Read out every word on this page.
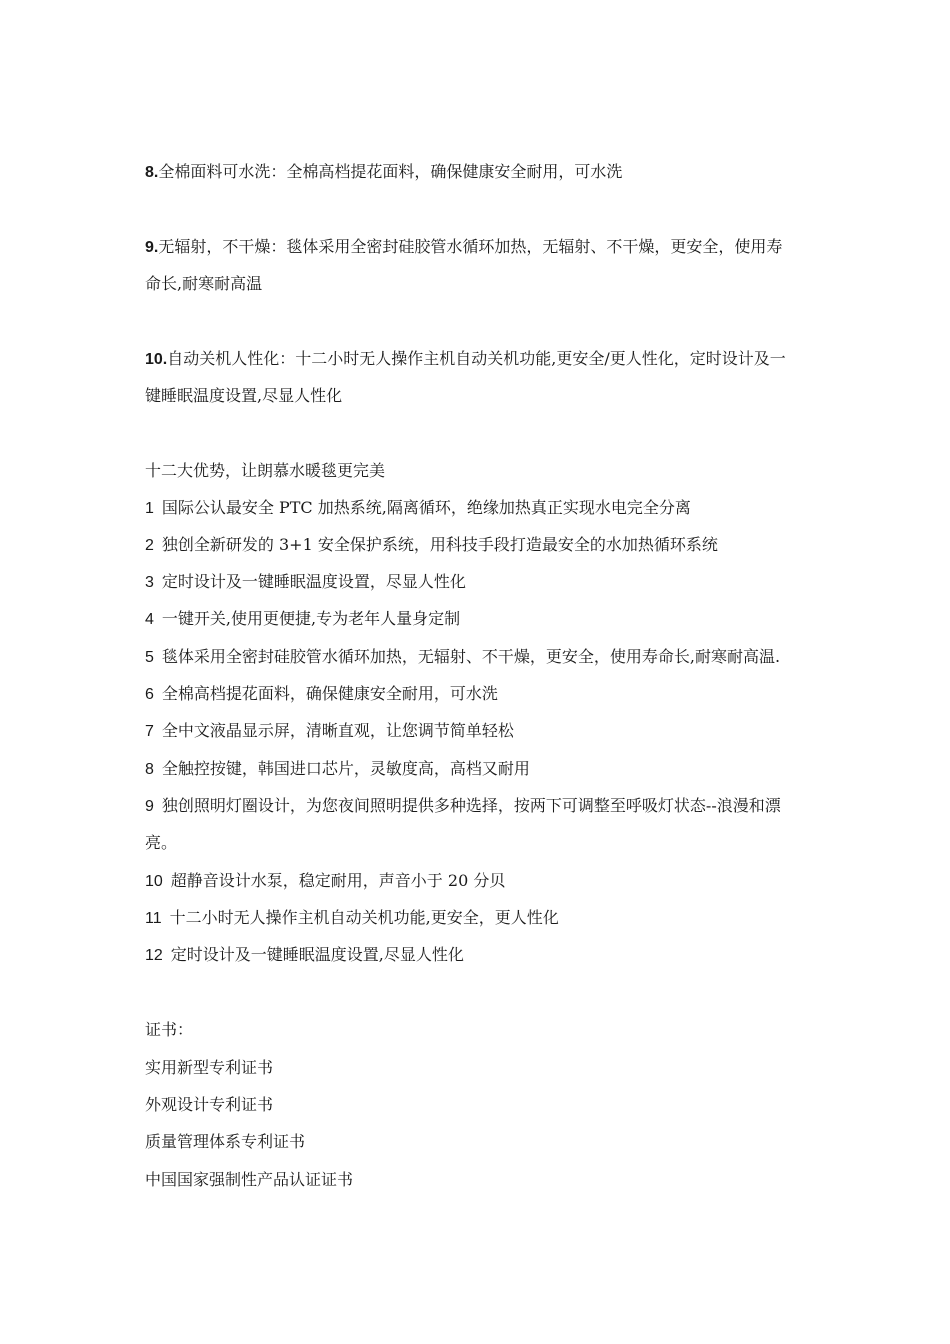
8.全棉面料可水洗：全棉高档提花面料，确保健康安全耐用，可水洗
9.无辐射，不干燥：毯体采用全密封硅胶管水循环加热，无辐射、不干燥，更安全，使用寿
命长,耐寒耐高温
10.自动关机人性化：十二小时无人操作主机自动关机功能,更安全/更人性化，定时设计及一
键睡眠温度设置,尽显人性化
十二大优势，让朗慕水暖毯更完美
1 国际公认最安全 PTC 加热系统,隔离循环，绝缘加热真正实现水电完全分离
2 独创全新研发的 3+1 安全保护系统，用科技手段打造最安全的水加热循环系统
3 定时设计及一键睡眠温度设置，尽显人性化
4 一键开关,使用更便捷,专为老年人量身定制
5 毯体采用全密封硅胶管水循环加热，无辐射、不干燥，更安全，使用寿命长,耐寒耐高温.
6 全棉高档提花面料，确保健康安全耐用，可水洗
7 全中文液晶显示屏，清晰直观，让您调节简单轻松
8 全触控按键，韩国进口芯片，灵敏度高，高档又耐用
9 独创照明灯圈设计，为您夜间照明提供多种选择，按两下可调整至呼吸灯状态--浪漫和漂
亮。
10 超静音设计水泵，稳定耐用，声音小于 20 分贝
11 十二小时无人操作主机自动关机功能,更安全，更人性化
12 定时设计及一键睡眠温度设置,尽显人性化
证书：
实用新型专利证书
外观设计专利证书
质量管理体系专利证书
中国国家强制性产品认证证书
